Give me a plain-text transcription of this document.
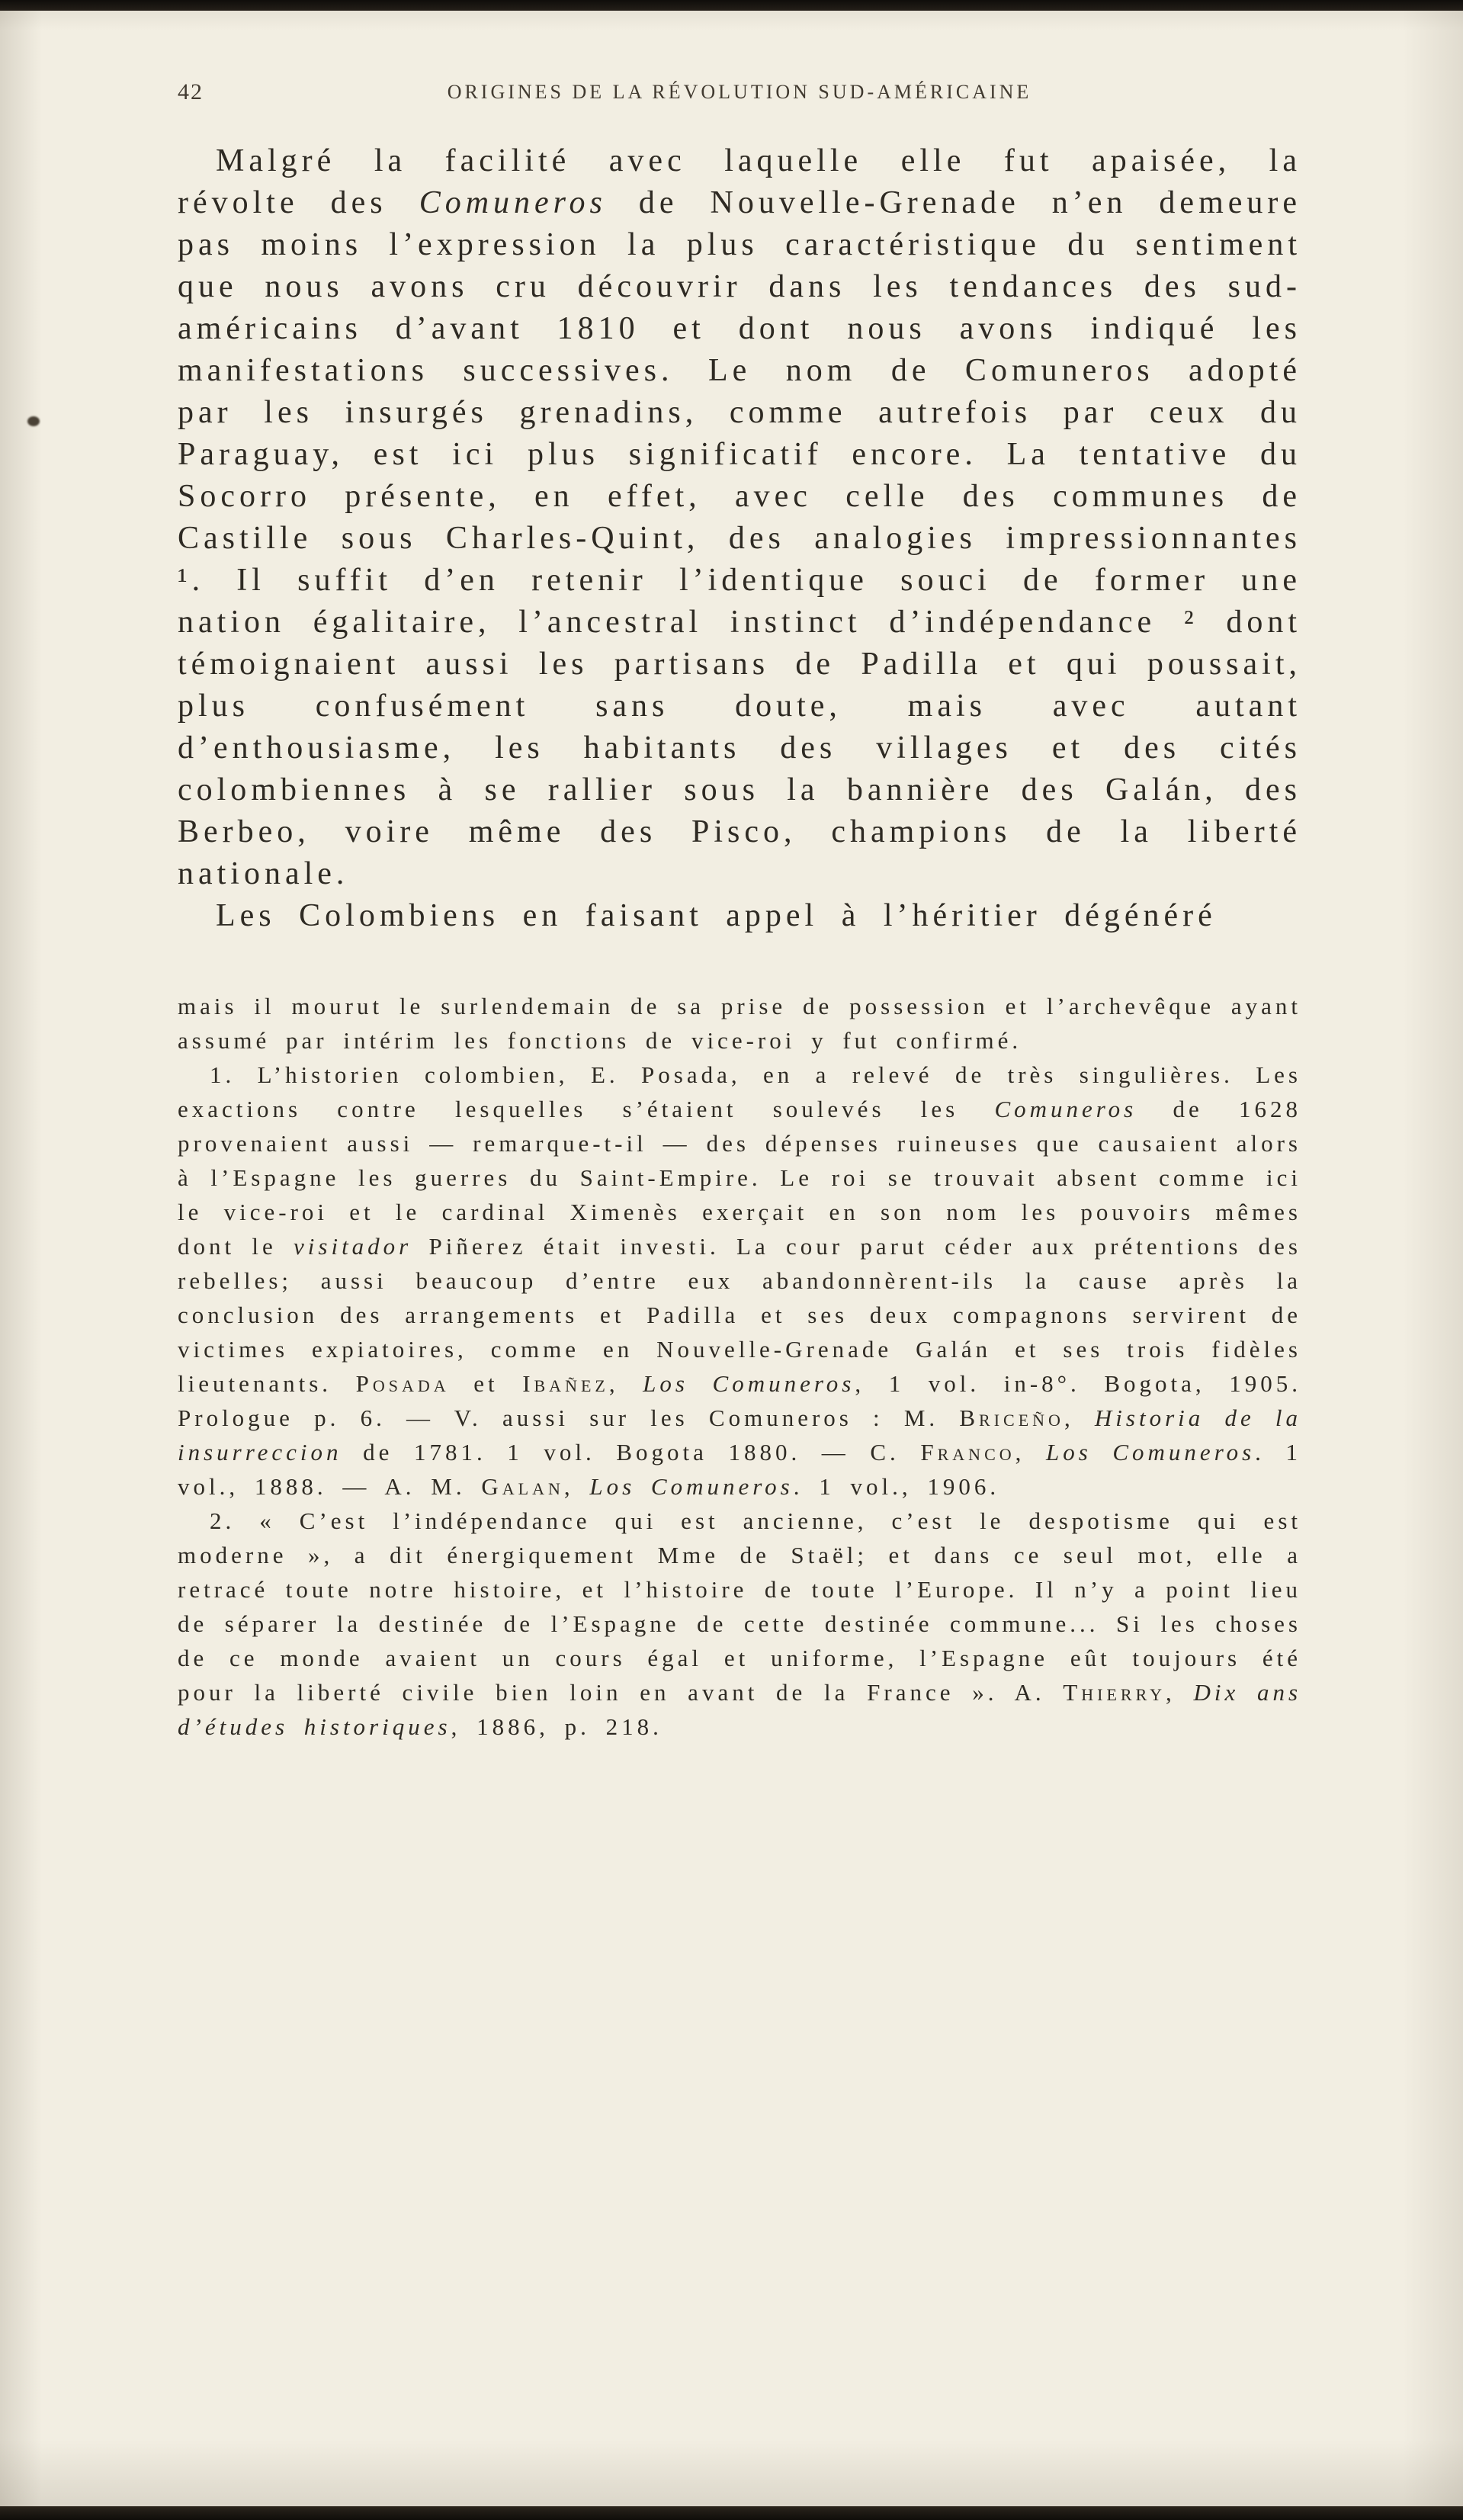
42	ORIGINES DE LA RÉVOLUTION SUD-AMÉRICAINE

Malgré la facilité avec laquelle elle fut apaisée, la révolte des Comuneros de Nouvelle-Grenade n’en demeure pas moins l’expression la plus caractéristique du sentiment que nous avons cru découvrir dans les tendances des sud-américains d’avant 1810 et dont nous avons indiqué les manifestations successives. Le nom de Comuneros adopté par les insurgés grenadins, comme autrefois par ceux du Paraguay, est ici plus significatif encore. La tentative du Socorro présente, en effet, avec celle des communes de Castille sous Charles-Quint, des analogies impressionnantes ¹. Il suffit d’en retenir l’identique souci de former une nation égalitaire, l’ancestral instinct d’indépendance ² dont témoignaient aussi les partisans de Padilla et qui poussait, plus confusément sans doute, mais avec autant d’enthousiasme, les habitants des villages et des cités colombiennes à se rallier sous la bannière des Galán, des Berbeo, voire même des Pisco, champions de la liberté nationale.

Les Colombiens en faisant appel à l’héritier dégénéré

mais il mourut le surlendemain de sa prise de possession et l’archevêque ayant assumé par intérim les fonctions de vice-roi y fut confirmé.

1. L’historien colombien, E. Posada, en a relevé de très singulières. Les exactions contre lesquelles s’étaient soulevés les Comuneros de 1628 provenaient aussi — remarque-t-il — des dépenses ruineuses que causaient alors à l’Espagne les guerres du Saint-Empire. Le roi se trouvait absent comme ici le vice-roi et le cardinal Ximenès exerçait en son nom les pouvoirs mêmes dont le visitador Piñerez était investi. La cour parut céder aux prétentions des rebelles; aussi beaucoup d’entre eux abandonnèrent-ils la cause après la conclusion des arrangements et Padilla et ses deux compagnons servirent de victimes expiatoires, comme en Nouvelle-Grenade Galán et ses trois fidèles lieutenants. Posada et Ibañez, Los Comuneros, 1 vol. in-8°. Bogota, 1905. Prologue p. 6. — V. aussi sur les Comuneros : M. Briceño, Historia de la insurreccion de 1781. 1 vol. Bogota 1880. — C. Franco, Los Comuneros. 1 vol., 1888. — A. M. Galan, Los Comuneros. 1 vol., 1906.

2. « C’est l’indépendance qui est ancienne, c’est le despotisme qui est moderne », a dit énergiquement Mme de Staël; et dans ce seul mot, elle a retracé toute notre histoire, et l’histoire de toute l’Europe. Il n’y a point lieu de séparer la destinée de l’Espagne de cette destinée commune... Si les choses de ce monde avaient un cours égal et uniforme, l’Espagne eût toujours été pour la liberté civile bien loin en avant de la France ». A. Thierry, Dix ans d’études historiques, 1886, p. 218.
